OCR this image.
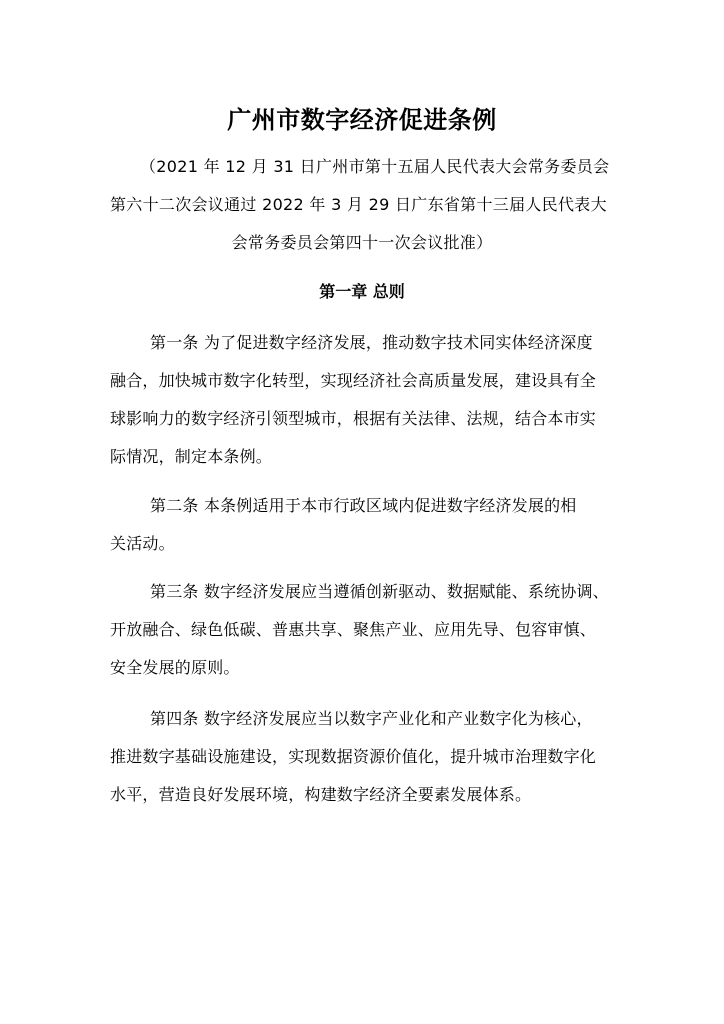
广州市数字经济促进条例

（2021 年 12 月 31 日广州市第十五届人民代表大会常务委员会
第六十二次会议通过 2022 年 3 月 29 日广东省第十三届人民代表大
会常务委员会第四十一次会议批准）

第一章 总则

第一条 为了促进数字经济发展，推动数字技术同实体经济深度
融合，加快城市数字化转型，实现经济社会高质量发展，建设具有全
球影响力的数字经济引领型城市，根据有关法律、法规，结合本市实
际情况，制定本条例。

第二条 本条例适用于本市行政区域内促进数字经济发展的相
关活动。

第三条 数字经济发展应当遵循创新驱动、数据赋能、系统协调、
开放融合、绿色低碳、普惠共享、聚焦产业、应用先导、包容审慎、
安全发展的原则。

第四条 数字经济发展应当以数字产业化和产业数字化为核心，
推进数字基础设施建设，实现数据资源价值化，提升城市治理数字化
水平，营造良好发展环境，构建数字经济全要素发展体系。
